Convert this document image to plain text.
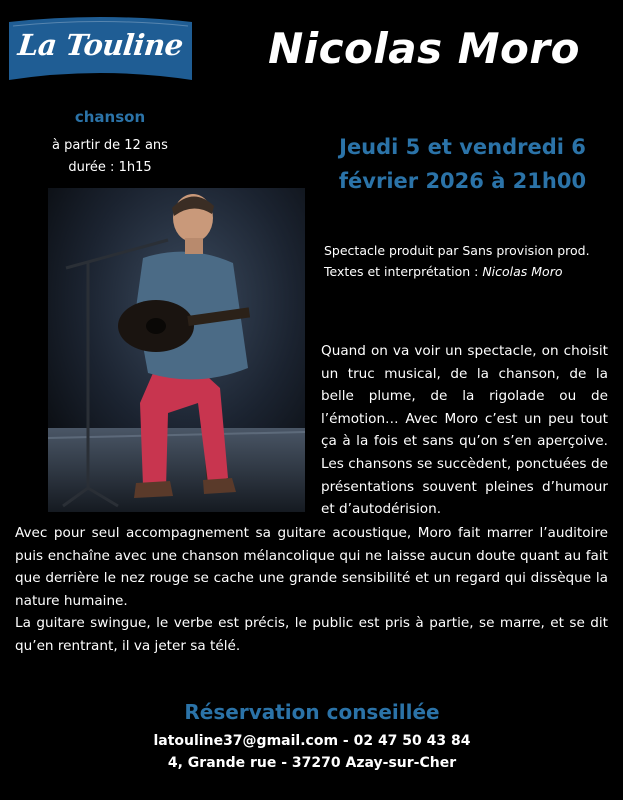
La Touline	Nicolas Moro
chanson
à partir de 12 ans
durée : 1h15
Jeudi 5 et vendredi 6
février 2026 à 21h00
Spectacle produit par Sans provision prod.
Textes et interprétation : Nicolas Moro
Quand on va voir un spectacle, on choisit un truc musical, de la chanson, de la belle plume, de la rigolade ou de l’émotion… Avec Moro c’est un peu tout ça à la fois et sans qu’on s’en aperçoive. Les chansons se succèdent, ponctuées de présentations souvent pleines d’humour et d’autodérision.

Avec pour seul accompagnement sa guitare acoustique, Moro fait marrer l’auditoire puis enchaîne avec une chanson mélancolique qui ne laisse aucun doute quant au fait que derrière le nez rouge se cache une grande sensibilité et un regard qui dissèque la nature humaine.

La guitare swingue, le verbe est précis, le public est pris à partie, se marre, et se dit qu’en rentrant, il va jeter sa télé.

Réservation conseillée
latouline37@gmail.com - 02 47 50 43 84
4, Grande rue - 37270 Azay-sur-Cher
